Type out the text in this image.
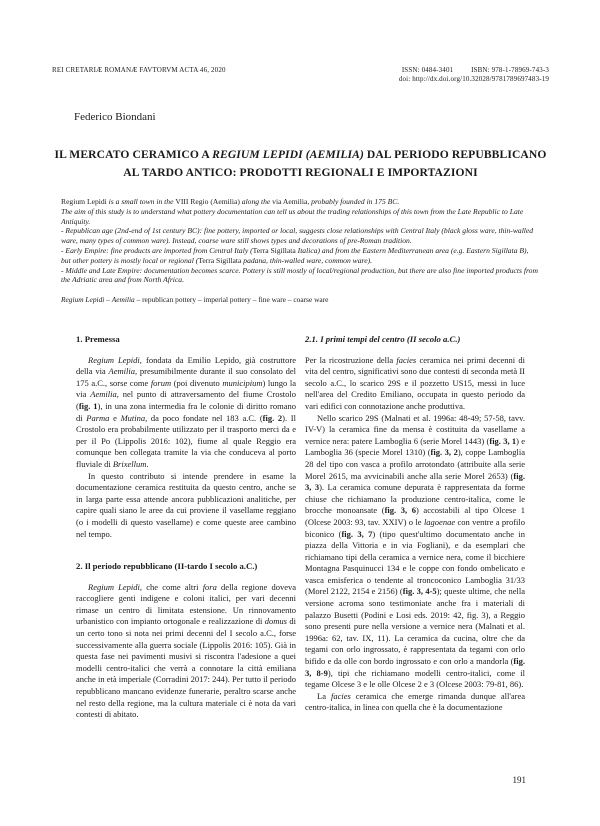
REI CRETARIÆ ROMANÆ FAVTORVM ACTA 46, 2020	ISSN: 0484-3401	ISBN: 978-1-78969-743-3
doi: http://dx.doi.org/10.32028/9781789697483-19
Federico Biondani
IL MERCATO CERAMICO A REGIUM LEPIDI (AEMILIA) DAL PERIODO REPUBBLICANO
AL TARDO ANTICO: PRODOTTI REGIONALI E IMPORTAZIONI

Regium Lepidi is a small town in the VIII Regio (Aemilia) along the via Aemilia, probably founded in 175 BC.

The aim of this study is to understand what pottery documentation can tell us about the trading relationships of this town from the Late Republic to Late Antiquity.

- Republican age (2nd-end of 1st century BC): fine pottery, imported or local, suggests close relationships with Central Italy (black gloss ware, thin-walled ware, many types of common ware). Instead, coarse ware still shows types and decorations of pre-Roman tradition.

- Early Empire: fine products are imported from Central Italy (Terra Sigillata Italica) and from the Eastern Mediterranean area (e.g. Eastern Sigillata B), but other pottery is mostly local or regional (Terra Sigillata padana, thin-walled ware, common ware).

- Middle and Late Empire: documentation becomes scarce. Pottery is still mostly of local/regional production, but there are also fine imported products from the Adriatic area and from North Africa.

Regium Lepidi – Aemilia – republican pottery – imperial pottery – fine ware – coarse ware
1. Premessa

Regium Lepidi, fondata da Emilio Lepido, già costruttore della via Aemilia, presumibilmente durante il suo consolato del 175 a.C., sorse come forum (poi divenuto municipium) lungo la via Aemilia, nel punto di attraversamento del fiume Crostolo (fig. 1), in una zona intermedia fra le colonie di diritto romano di Parma e Mutina, da poco fondate nel 183 a.C. (fig. 2). Il Crostolo era probabilmente utilizzato per il trasporto merci da e per il Po (Lippolis 2016: 102), fiume al quale Reggio era comunque ben collegata tramite la via che conduceva al porto fluviale di Brixellum.

In questo contributo si intende prendere in esame la documentazione ceramica restituita da questo centro, anche se in larga parte essa attende ancora pubblicazioni analitiche, per capire quali siano le aree da cui proviene il vasellame reggiano (o i modelli di questo vasellame) e come queste aree cambino nel tempo.

2. Il periodo repubblicano (II-tardo I secolo a.C.)

Regium Lepidi, che come altri fora della regione doveva raccogliere genti indigene e coloni italici, per vari decenni rimase un centro di limitata estensione. Un rinnovamento urbanistico con impianto ortogonale e realizzazione di domus di un certo tono si nota nei primi decenni del I secolo a.C., forse successivamente alla guerra sociale (Lippolis 2016: 105). Già in questa fase nei pavimenti musivi si riscontra l'adesione a quei modelli centro-italici che verrà a connotare la città emiliana anche in età imperiale (Corradini 2017: 244). Per tutto il periodo repubblicano mancano evidenze funerarie, peraltro scarse anche nel resto della regione, ma la cultura materiale ci è nota da vari contesti di abitato.

2.1. I primi tempi del centro (II secolo a.C.)

Per la ricostruzione della facies ceramica nei primi decenni di vita del centro, significativi sono due contesti di seconda metà II secolo a.C., lo scarico 29S e il pozzetto US15, messi in luce nell'area del Credito Emiliano, occupata in questo periodo da vari edifici con connotazione anche produttiva.

Nello scarico 29S (Malnati et al. 1996a: 48-49; 57-58, tavv. IV-V) la ceramica fine da mensa è costituita da vasellame a vernice nera: patere Lamboglia 6 (serie Morel 1443) (fig. 3, 1) e Lamboglia 36 (specie Morel 1310) (fig. 3, 2), coppe Lamboglia 28 del tipo con vasca a profilo arrotondato (attribuite alla serie Morel 2615, ma avvicinabili anche alla serie Morel 2653) (fig. 3, 3). La ceramica comune depurata è rappresentata da forme chiuse che richiamano la produzione centro-italica, come le brocche monoansate (fig. 3, 6) accostabili al tipo Olcese 1 (Olcese 2003: 93, tav. XXIV) o le lagoenae con ventre a profilo biconico (fig. 3, 7) (tipo quest'ultimo documentato anche in piazza della Vittoria e in via Fogliani), e da esemplari che richiamano tipi della ceramica a vernice nera, come il bicchiere Montagna Pasquinucci 134 e le coppe con fondo ombelicato e vasca emisferica o tendente al troncoconico Lamboglia 31/33 (Morel 2122, 2154 e 2156) (fig. 3, 4-5); queste ultime, che nella versione acroma sono testimoniate anche fra i materiali di palazzo Busetti (Podini e Losi eds. 2019: 42, fig. 3), a Reggio sono presenti pure nella versione a vernice nera (Malnati et al. 1996a: 62, tav. IX, 11). La ceramica da cucina, oltre che da tegami con orlo ingrossato, è rappresentata da tegami con orlo bifido e da olle con bordo ingrossato e con orlo a mandorla (fig. 3, 8-9), tipi che richiamano modelli centro-italici, come il tegame Olcese 3 e le olle Olcese 2 e 3 (Olcese 2003: 79-81, 86).

La facies ceramica che emerge rimanda dunque all'area centro-italica, in linea con quella che è la documentazione

191
